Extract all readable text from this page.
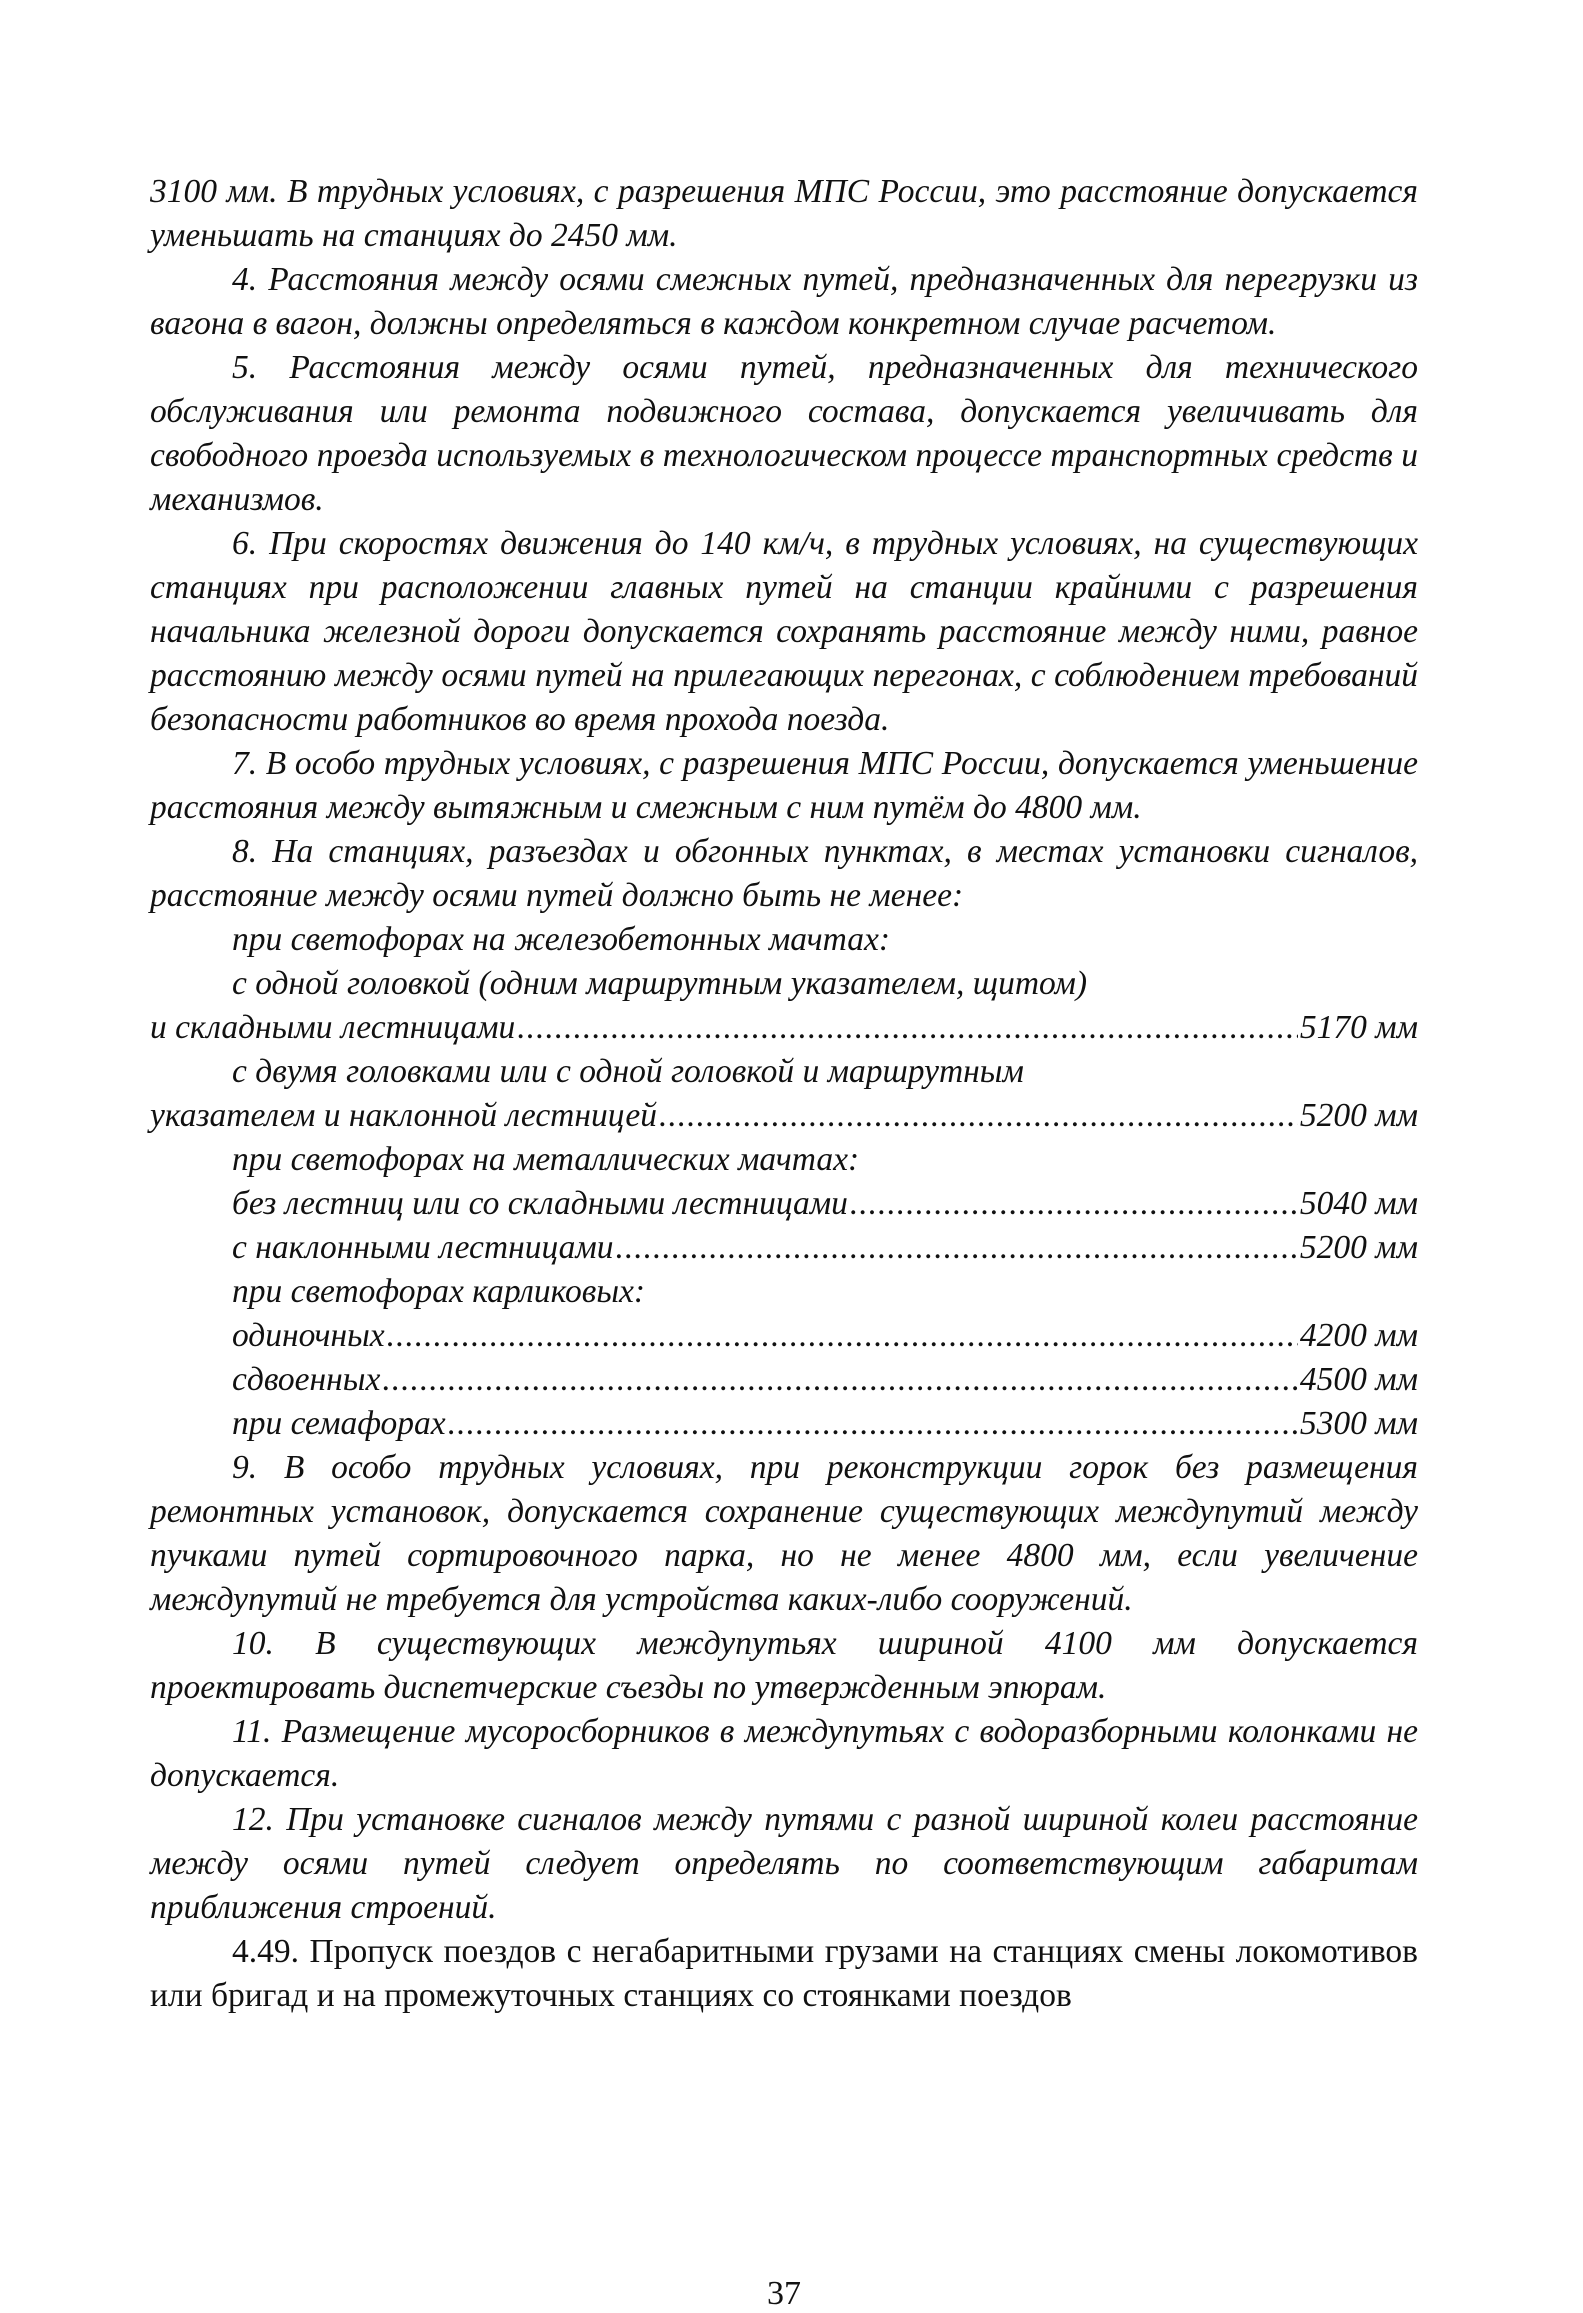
3100 мм. В трудных условиях, с разрешения МПС России, это расстояние допускается уменьшать на станциях до 2450 мм.

4. Расстояния между осями смежных путей, предназначенных для перегрузки из вагона в вагон, должны определяться в каждом конкретном случае расчетом.

5. Расстояния между осями путей, предназначенных для технического обслуживания или ремонта подвижного состава, допускается увеличивать для свободного проезда используемых в технологическом процессе транспортных средств и механизмов.

6. При скоростях движения до 140 км/ч, в трудных условиях, на существующих станциях при расположении главных путей на станции крайними с разрешения начальника железной дороги допускается сохранять расстояние между ними, равное расстоянию между осями путей на прилегающих перегонах, с соблюдением требований безопасности работников во время прохода поезда.

7. В особо трудных условиях, с разрешения МПС России, допускается уменьшение расстояния между вытяжным и смежным с ним путём до 4800 мм.

8. На станциях, разъездах и обгонных пунктах, в местах установки сигналов, расстояние между осями путей должно быть не менее:

при светофорах на железобетонных мачтах:

с одной головкой (одним маршрутным указателем, щитом)

и складными лестницами .....	5170 мм

с двумя головками или с одной головкой и маршрутным

указателем и наклонной лестницей .....	5200 мм

при светофорах на металлических мачтах:

без лестниц или со складными лестницами .....	5040 мм
с наклонными лестницами .....	5200 мм

при светофорах карликовых:

одиночных .....	4200 мм
сдвоенных .....	4500 мм
при семафорах .....	5300 мм

9. В особо трудных условиях, при реконструкции горок без размещения ремонтных установок, допускается сохранение существующих междупутий между пучками путей сортировочного парка, но не менее 4800 мм, если увеличение междупутий не требуется для устройства каких-либо сооружений.

10. В существующих междупутьях шириной 4100 мм допускается проектировать диспетчерские съезды по утвержденным эпюрам.

11. Размещение мусоросборников в междупутьях с водоразборными колонками не допускается.

12. При установке сигналов между путями с разной шириной колеи расстояние между осями путей следует определять по соответствующим габаритам приближения строений.

4.49. Пропуск поездов с негабаритными грузами на станциях смены локомотивов или бригад и на промежуточных станциях со стоянками поездов

37
